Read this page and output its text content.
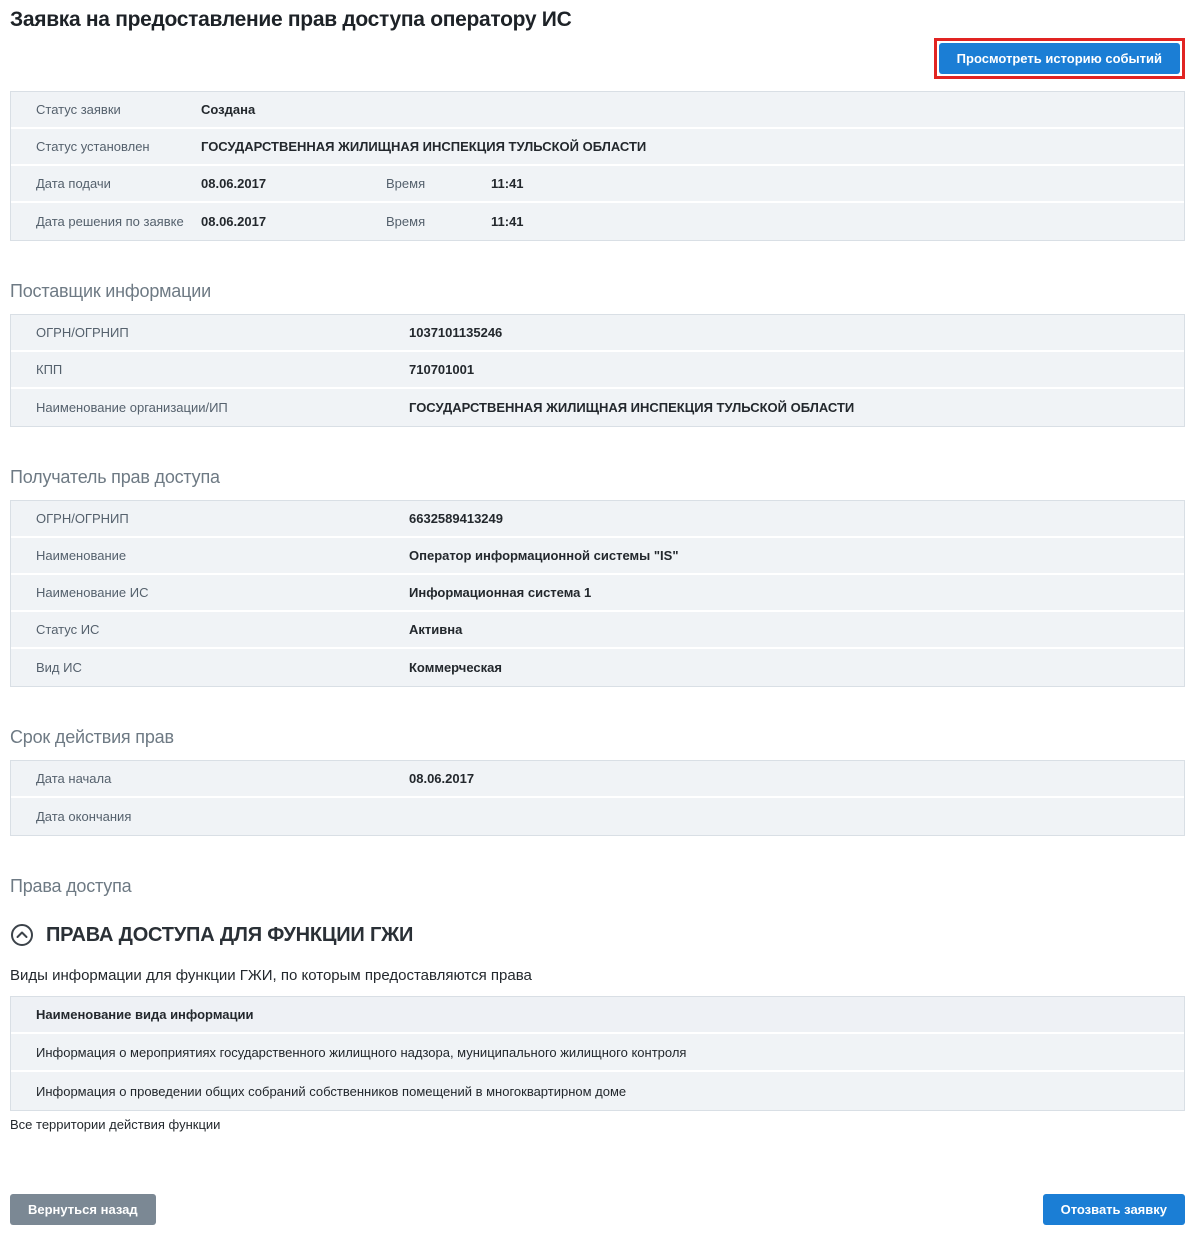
Заявка на предоставление прав доступа оператору ИС
Просмотреть историю событий
Статус заявки	Создана
Статус установлен	ГОСУДАРСТВЕННАЯ ЖИЛИЩНАЯ ИНСПЕКЦИЯ ТУЛЬСКОЙ ОБЛАСТИ
Дата подачи	08.06.2017	Время	11:41
Дата решения по заявке	08.06.2017	Время	11:41
Поставщик информации
ОГРН/ОГРНИП	1037101135246
КПП	710701001
Наименование организации/ИП	ГОСУДАРСТВЕННАЯ ЖИЛИЩНАЯ ИНСПЕКЦИЯ ТУЛЬСКОЙ ОБЛАСТИ
Получатель прав доступа
ОГРН/ОГРНИП	6632589413249
Наименование	Оператор информационной системы "IS"
Наименование ИС	Информационная система 1
Статус ИС	Активна
Вид ИС	Коммерческая
Срок действия прав
Дата начала	08.06.2017
Дата окончания
Права доступа
ПРАВА ДОСТУПА ДЛЯ ФУНКЦИИ ГЖИ
Виды информации для функции ГЖИ, по которым предоставляются права
Наименование вида информации
Информация о мероприятиях государственного жилищного надзора, муниципального жилищного контроля
Информация о проведении общих собраний собственников помещений в многоквартирном доме
Все территории действия функции
Вернуться назад	Отозвать заявку
